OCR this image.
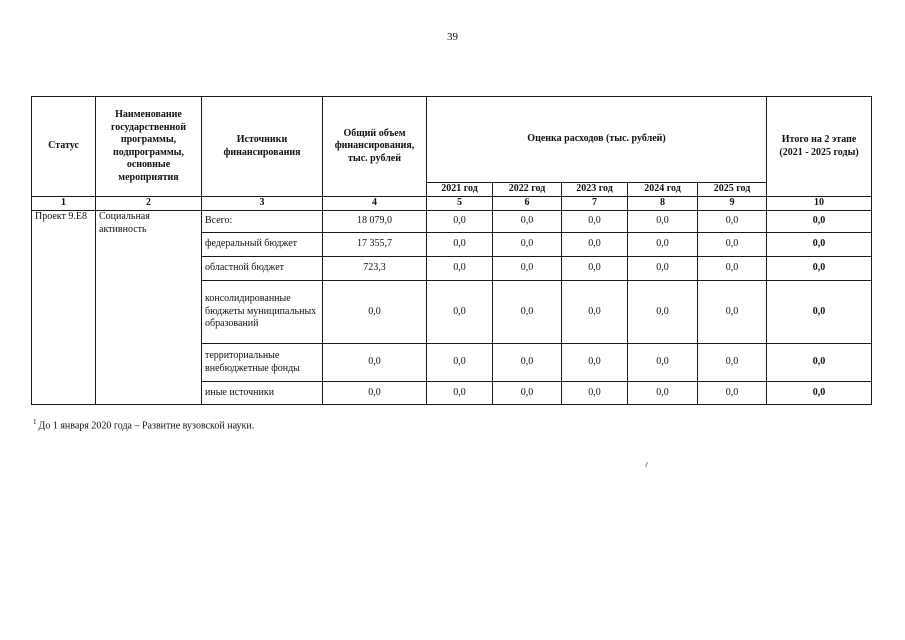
39
Статус	Наименование государственной программы, подпрограммы, основные мероприятия	Источники финансирования	Общий объем финансирования, тыс. рублей	Оценка расходов (тыс. рублей)					Итого на 2 этапе (2021 - 2025 годы)
				2021 год	2022 год	2023 год	2024 год	2025 год	
1	2	3	4	5	6	7	8	9	10
Проект 9.Е8	Социальная активность	Всего:	18 079,0	0,0	0,0	0,0	0,0	0,0	0,0
		федеральный бюджет	17 355,7	0,0	0,0	0,0	0,0	0,0	0,0
		областной бюджет	723,3	0,0	0,0	0,0	0,0	0,0	0,0
		консолидированные бюджеты муниципальных образований	0,0	0,0	0,0	0,0	0,0	0,0	0,0
		территориальные внебюджетные фонды	0,0	0,0	0,0	0,0	0,0	0,0	0,0
		иные источники	0,0	0,0	0,0	0,0	0,0	0,0	0,0
$^1$ До 1 января 2020 года – Развитие вузовской науки.
